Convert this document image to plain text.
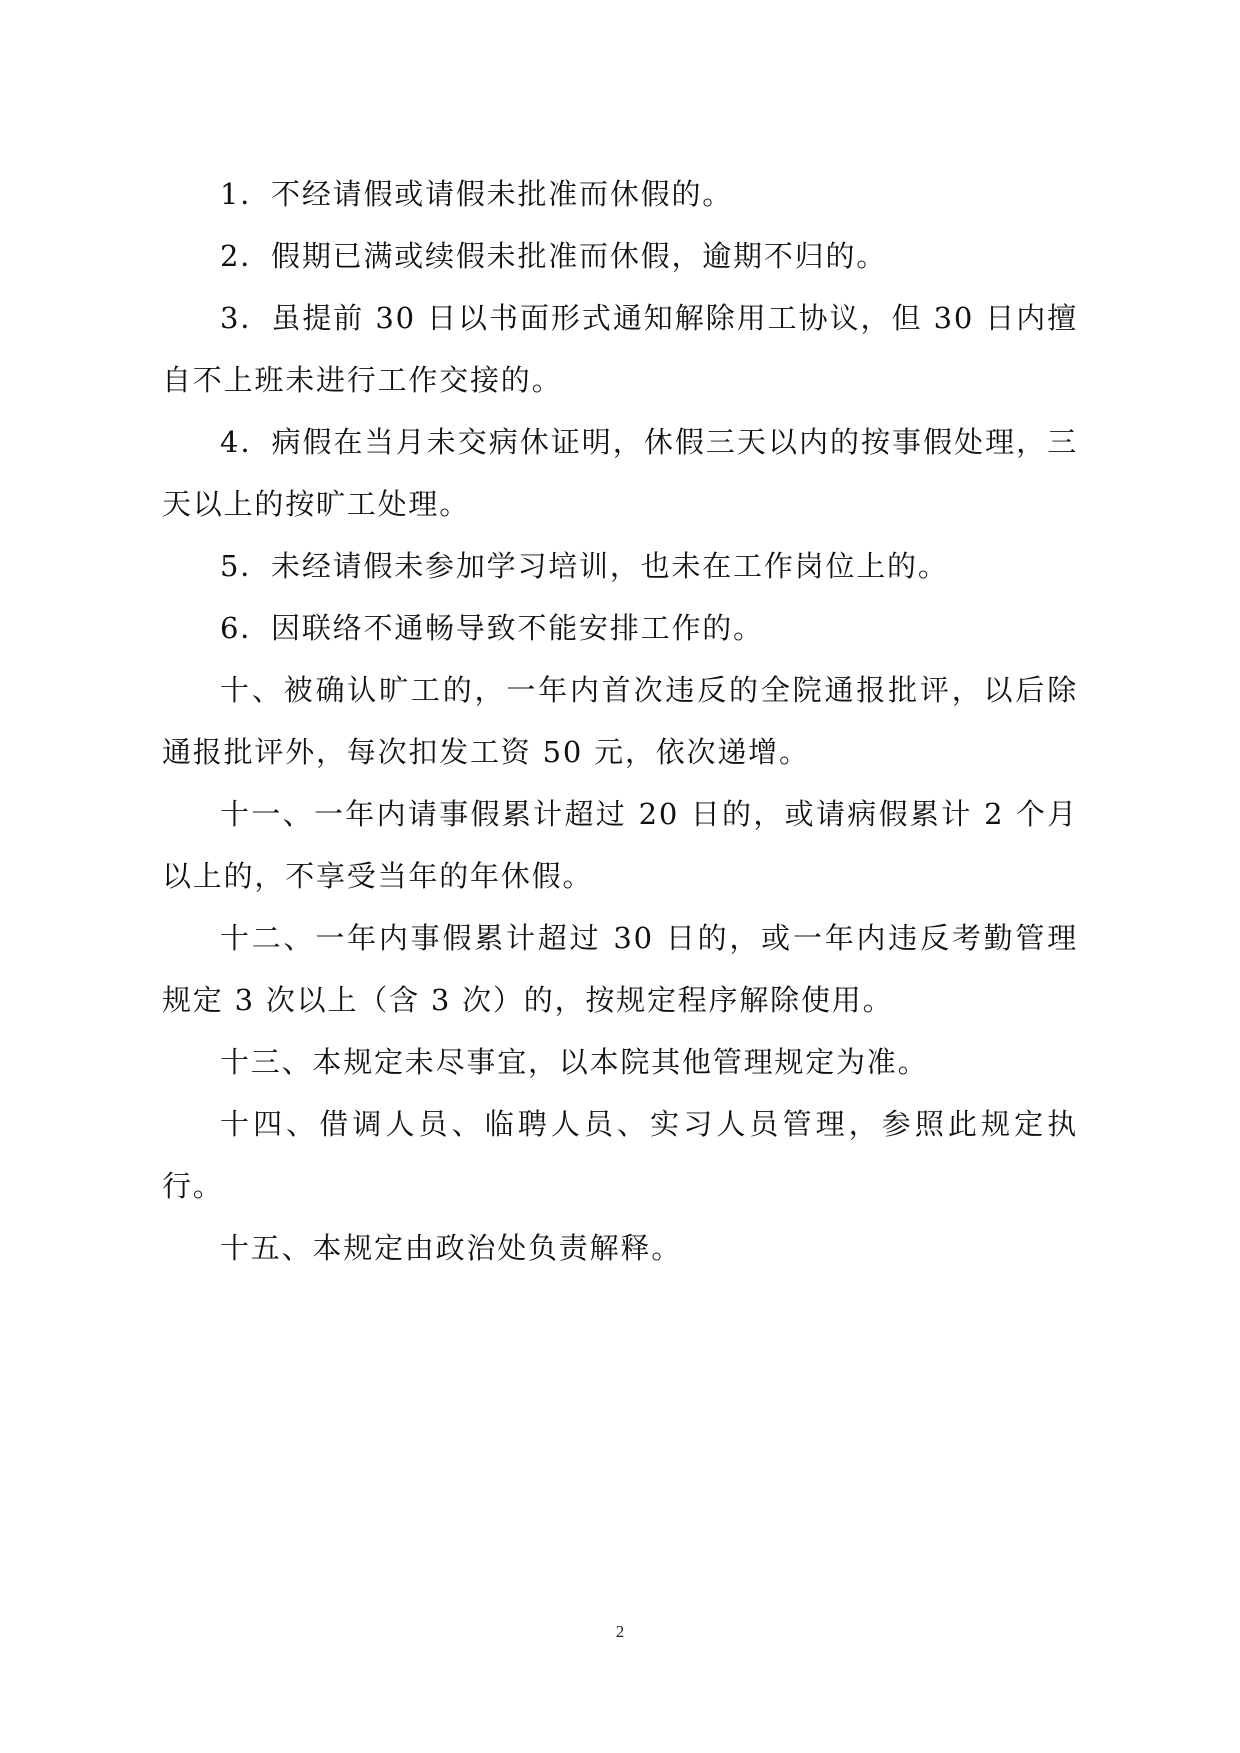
1．不经请假或请假未批准而休假的。

2．假期已满或续假未批准而休假，逾期不归的。

3．虽提前 30 日以书面形式通知解除用工协议，但 30 日内擅自不上班未进行工作交接的。

4．病假在当月未交病休证明，休假三天以内的按事假处理，三天以上的按旷工处理。

5．未经请假未参加学习培训，也未在工作岗位上的。

6．因联络不通畅导致不能安排工作的。

十、被确认旷工的，一年内首次违反的全院通报批评，以后除通报批评外，每次扣发工资 50 元，依次递增。

十一、一年内请事假累计超过 20 日的，或请病假累计 2 个月以上的，不享受当年的年休假。

十二、一年内事假累计超过 30 日的，或一年内违反考勤管理规定 3 次以上（含 3 次）的，按规定程序解除使用。

十三、本规定未尽事宜，以本院其他管理规定为准。

十四、借调人员、临聘人员、实习人员管理，参照此规定执行。

十五、本规定由政治处负责解释。

2
